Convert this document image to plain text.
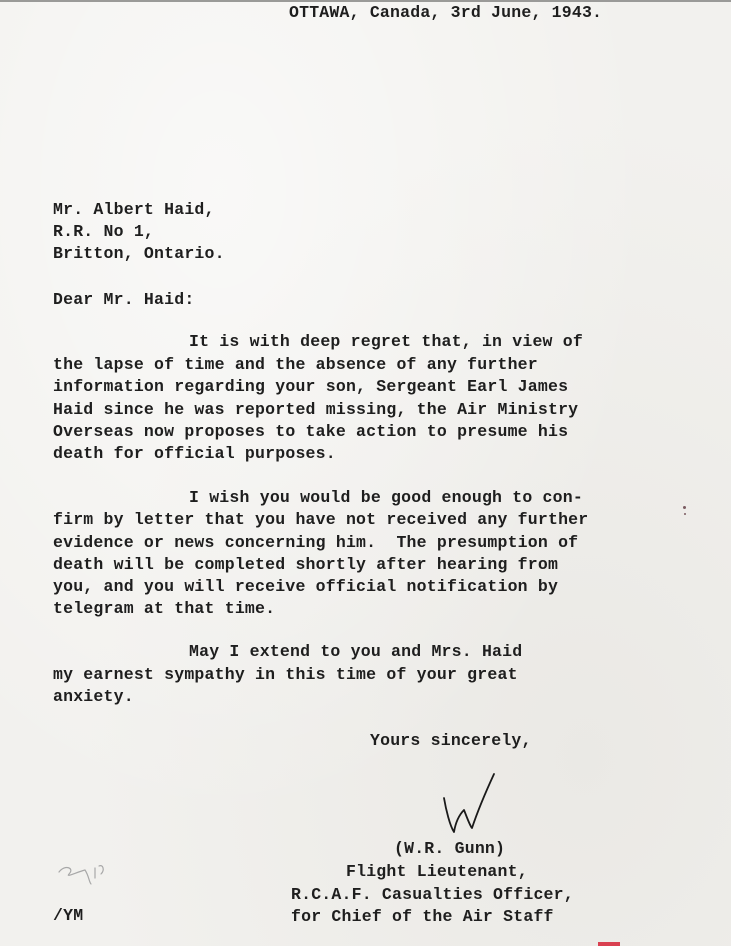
OTTAWA, Canada, 3rd June, 1943.
Mr. Albert Haid,
R.R. No 1,
Britton, Ontario.
Dear Mr. Haid:
It is with deep regret that, in view of
the lapse of time and the absence of any further
information regarding your son, Sergeant Earl James
Haid since he was reported missing, the Air Ministry
Overseas now proposes to take action to presume his
death for official purposes.
I wish you would be good enough to con-
firm by letter that you have not received any further
evidence or news concerning him.  The presumption of
death will be completed shortly after hearing from
you, and you will receive official notification by
telegram at that time.
May I extend to you and Mrs. Haid
my earnest sympathy in this time of your great
anxiety.
Yours sincerely,
(W.R. Gunn)
Flight Lieutenant,
R.C.A.F. Casualties Officer,
for Chief of the Air Staff
/YM
